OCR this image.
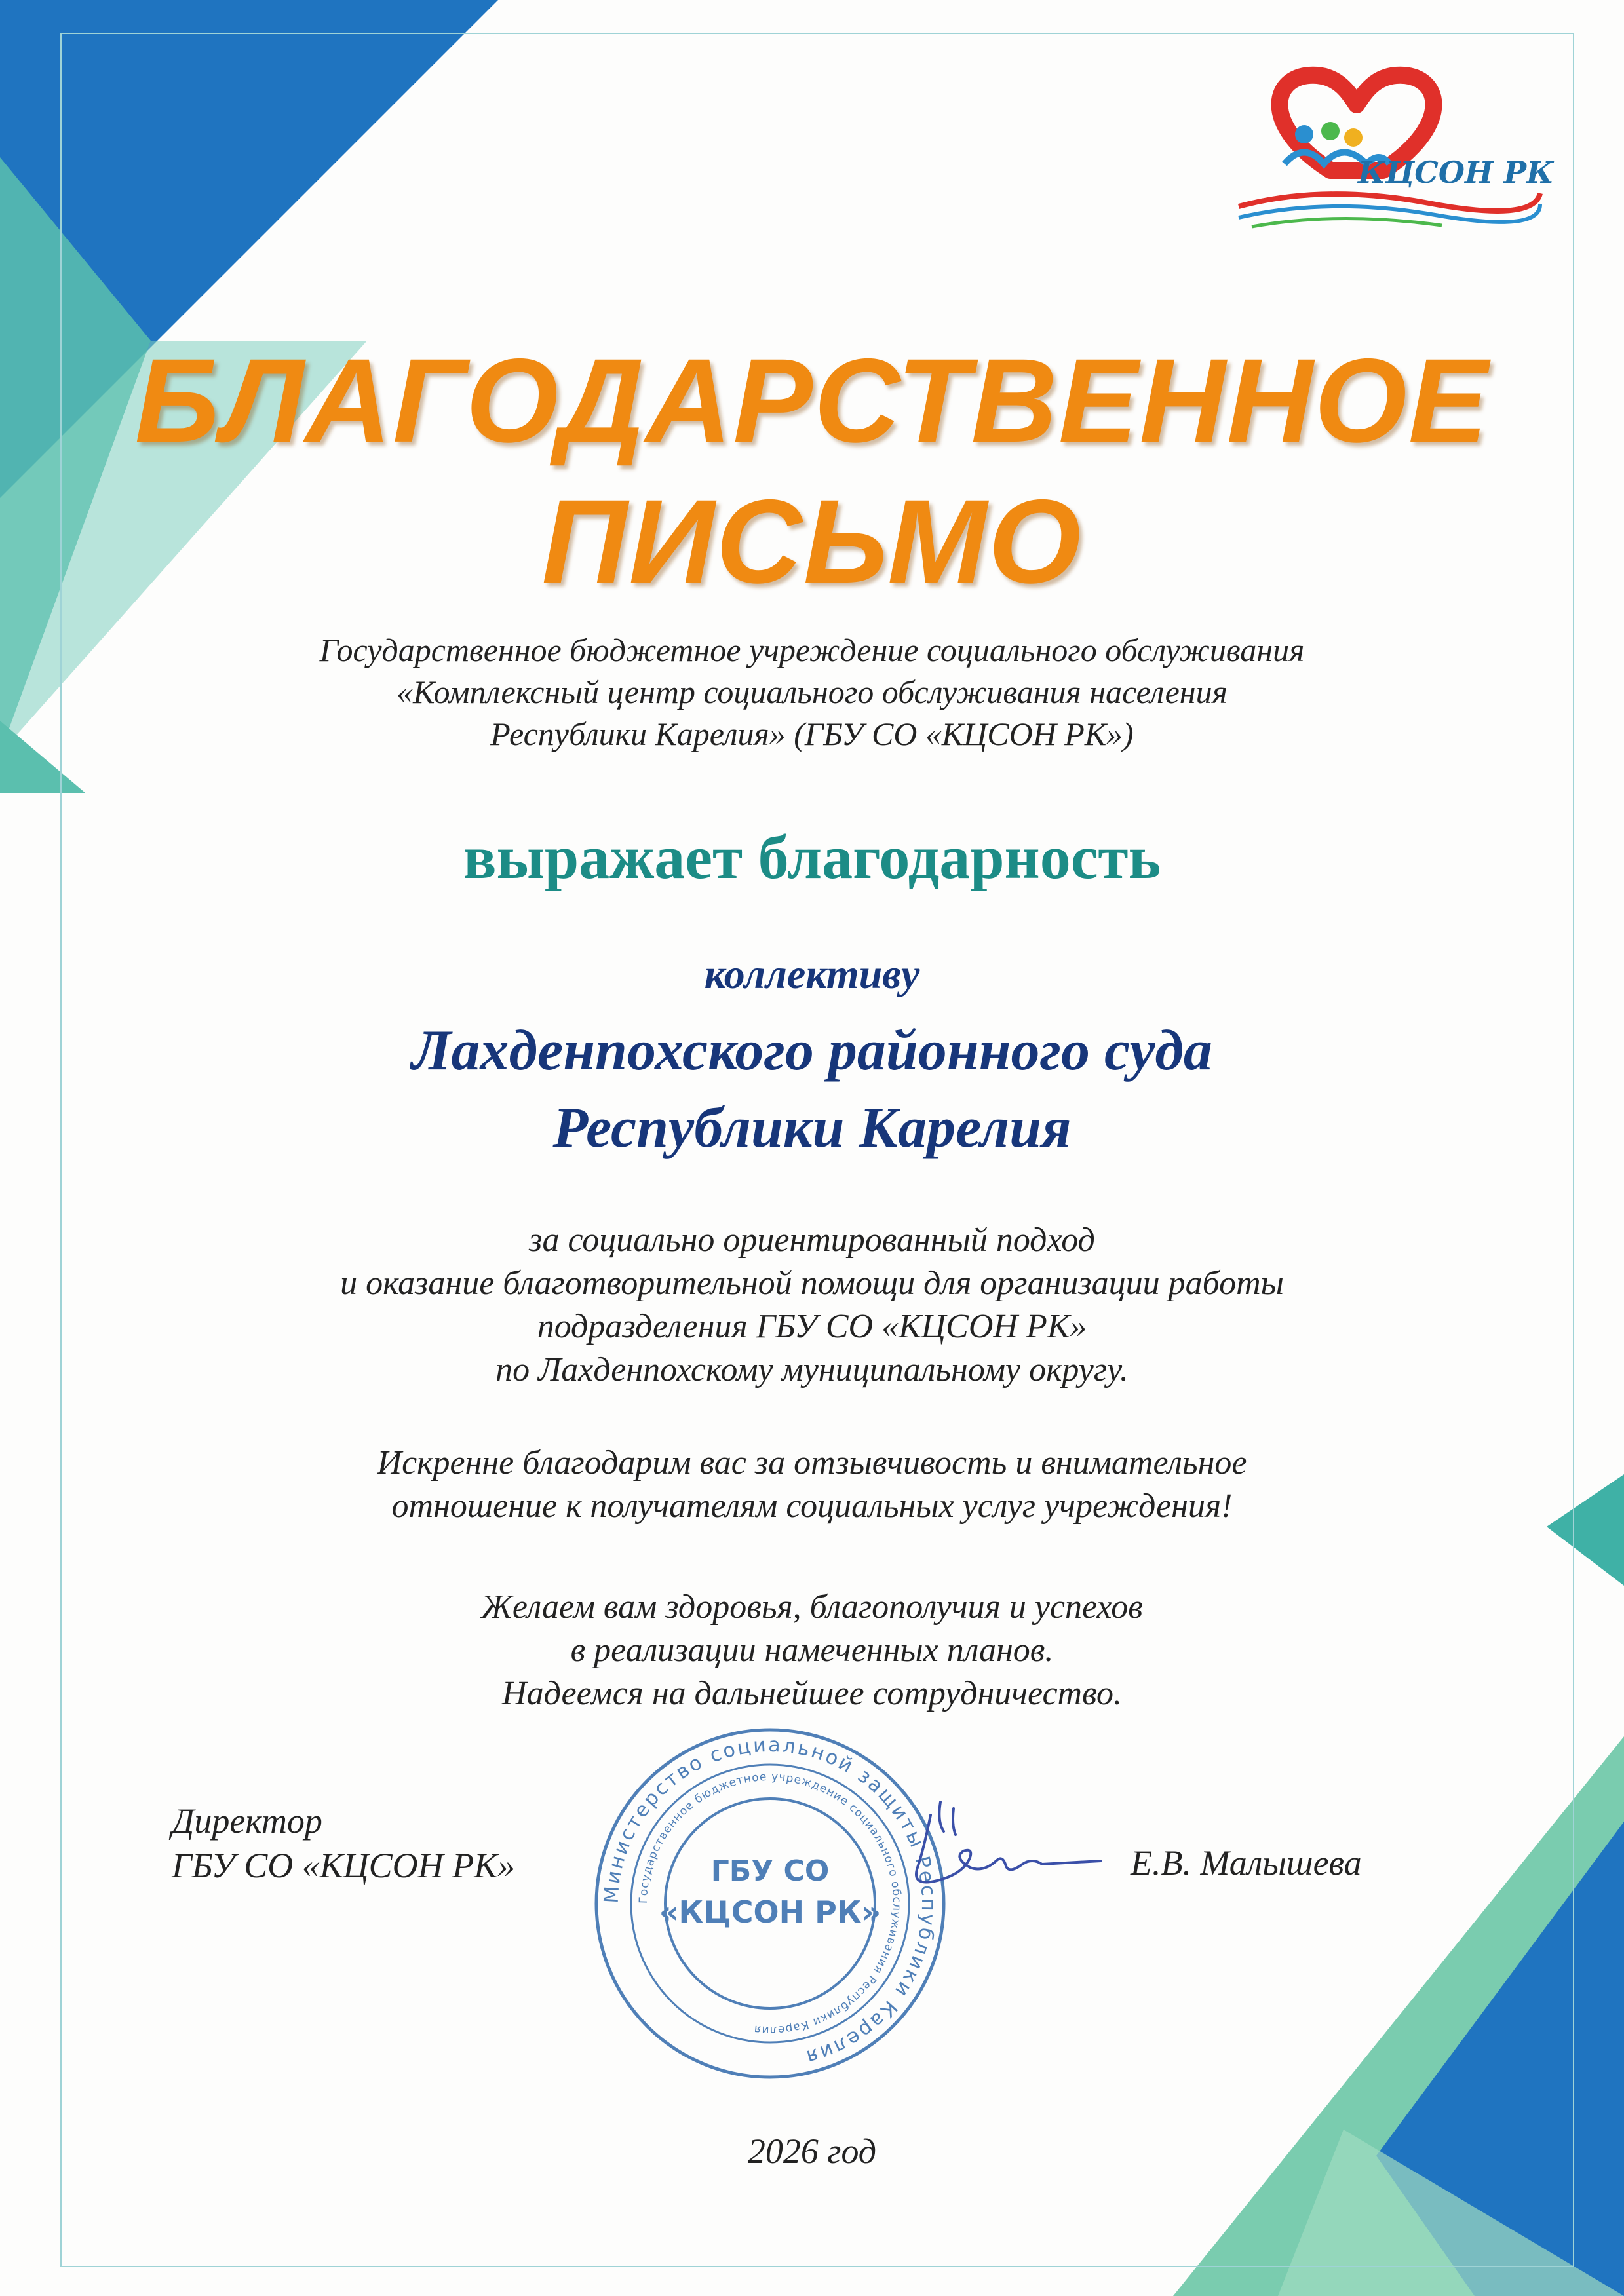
КЦСОН РК
БЛАГОДАРСТВЕННОЕ
ПИСЬМО
Государственное бюджетное учреждение социального обслуживания
«Комплексный центр социального обслуживания населения
Республики Карелия» (ГБУ СО «КЦСОН РК»)
выражает благодарность
коллективу
Лахденпохского районного суда
Республики Карелия
за социально ориентированный подход
и оказание благотворительной помощи для организации работы
подразделения ГБУ СО «КЦСОН РК»
по Лахденпохскому муниципальному округу.
Искренне благодарим вас за отзывчивость и внимательное
отношение к получателям социальных услуг учреждения!
Желаем вам здоровья, благополучия и успехов
в реализации намеченных планов.
Надеемся на дальнейшее сотрудничество.
Министерство социальной защиты Республики Карелия
Государственное бюджетное учреждение социального обслуживания Республики Карелия
ГБУ СО
«КЦСОН РК»
Директор
ГБУ СО «КЦСОН РК»	Е.В. Малышева
2026 год
